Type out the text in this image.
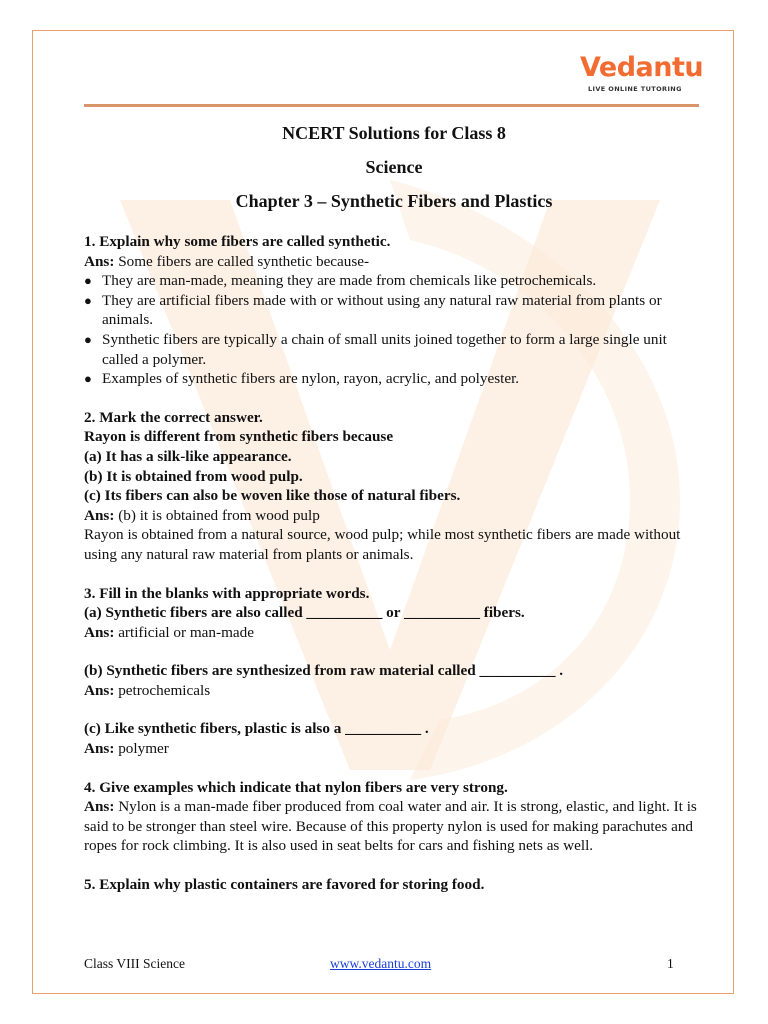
Vedantu
LIVE ONLINE TUTORING
NCERT Solutions for Class 8
Science
Chapter 3 – Synthetic Fibers and Plastics
1. Explain why some fibers are called synthetic.
Ans: Some fibers are called synthetic because-
● They are man-made, meaning they are made from chemicals like petrochemicals.
● They are artificial fibers made with or without using any natural raw material from plants or animals.
● Synthetic fibers are typically a chain of small units joined together to form a large single unit called a polymer.
● Examples of synthetic fibers are nylon, rayon, acrylic, and polyester.
2. Mark the correct answer.
Rayon is different from synthetic fibers because
(a) It has a silk-like appearance.
(b) It is obtained from wood pulp.
(c) Its fibers can also be woven like those of natural fibers.
Ans: (b) it is obtained from wood pulp
Rayon is obtained from a natural source, wood pulp; while most synthetic fibers are made without using any natural raw material from plants or animals.
3. Fill in the blanks with appropriate words.
(a) Synthetic fibers are also called __________ or __________ fibers.
Ans: artificial or man-made
(b) Synthetic fibers are synthesized from raw material called __________ .
Ans: petrochemicals
(c) Like synthetic fibers, plastic is also a __________ .
Ans: polymer
4. Give examples which indicate that nylon fibers are very strong.
Ans: Nylon is a man-made fiber produced from coal water and air. It is strong, elastic, and light. It is said to be stronger than steel wire. Because of this property nylon is used for making parachutes and ropes for rock climbing. It is also used in seat belts for cars and fishing nets as well.
5. Explain why plastic containers are favored for storing food.
Class VIII Science	www.vedantu.com	1
